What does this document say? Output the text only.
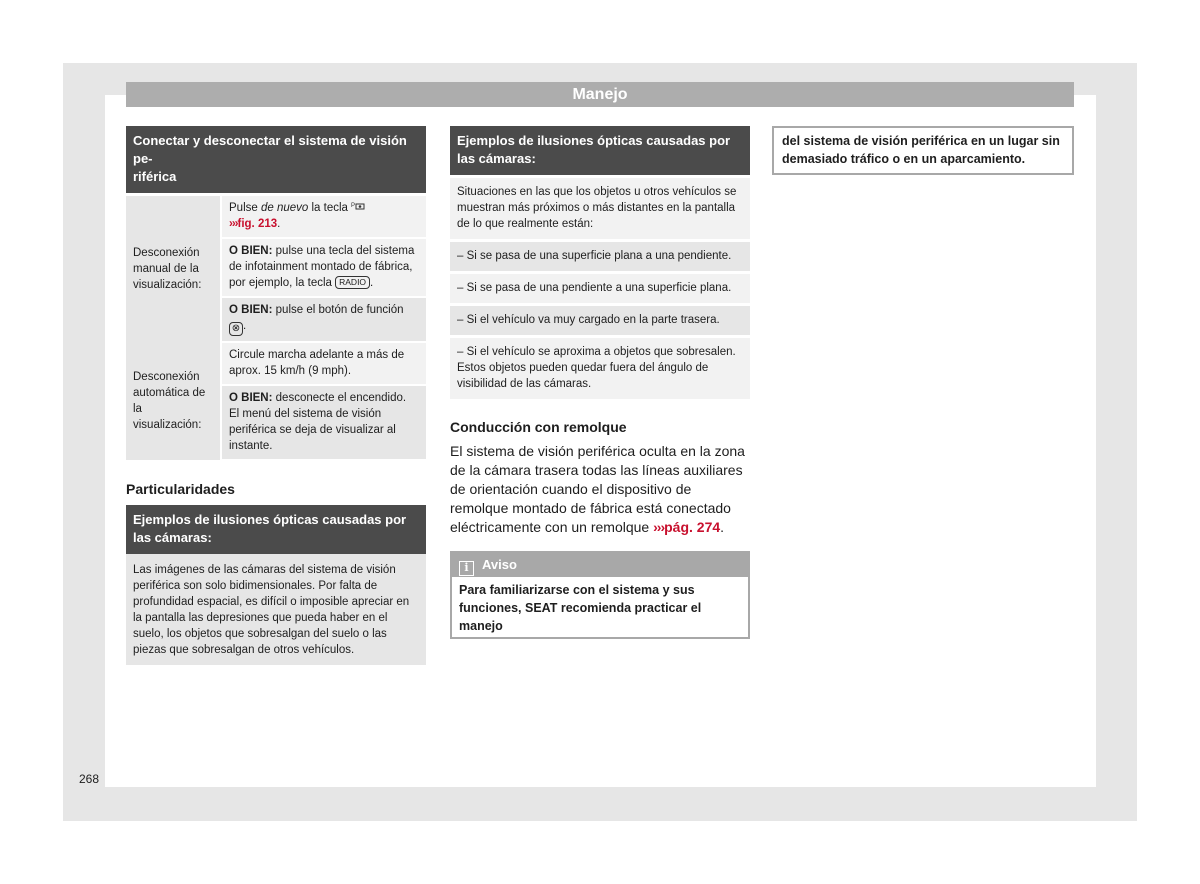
Manejo
Conectar y desconectar el sistema de visión pe-
riférica
Desconexión manual de la visualización:	Pulse de nuevo la tecla P

›››fig. 213.
	O BIEN: pulse una tecla del sistema de infotainment montado de fábrica, por ejemplo, la tecla RADIO .
	O BIEN: pulse el botón de función ⊗ .
Desconexión automática de la visualización:	Circule marcha adelante a más de aprox. 15 km/h (9 mph).
	O BIEN: desconecte el encendido. El menú del sistema de visión periférica se deja de visualizar al instante.
Particularidades
Ejemplos de ilusiones ópticas causadas por las cámaras:
Las imágenes de las cámaras del sistema de visión periférica son solo bidimensionales. Por falta de profundidad espacial, es difícil o imposible apreciar en la pantalla las depresiones que pueda haber en el suelo, los objetos que sobresalgan del suelo o las piezas que sobresalgan de otros vehículos.
Ejemplos de ilusiones ópticas causadas por las cámaras:
Situaciones en las que los objetos u otros vehículos se muestran más próximos o más distantes en la pantalla de lo que realmente están:
– Si se pasa de una superficie plana a una pendiente.
– Si se pasa de una pendiente a una superficie plana.
– Si el vehículo va muy cargado en la parte trasera.
– Si el vehículo se aproxima a objetos que sobresalen. Estos objetos pueden quedar fuera del ángulo de visibilidad de las cámaras.
Conducción con remolque
El sistema de visión periférica oculta en la zona de la cámara trasera todas las líneas auxiliares de orientación cuando el dispositivo de remolque montado de fábrica está conectado eléctricamente con un remolque ›››pág. 274.
i Aviso
Para familiarizarse con el sistema y sus funciones, SEAT recomienda practicar el manejo
del sistema de visión periférica en un lugar sin demasiado tráfico o en un aparcamiento.
268
